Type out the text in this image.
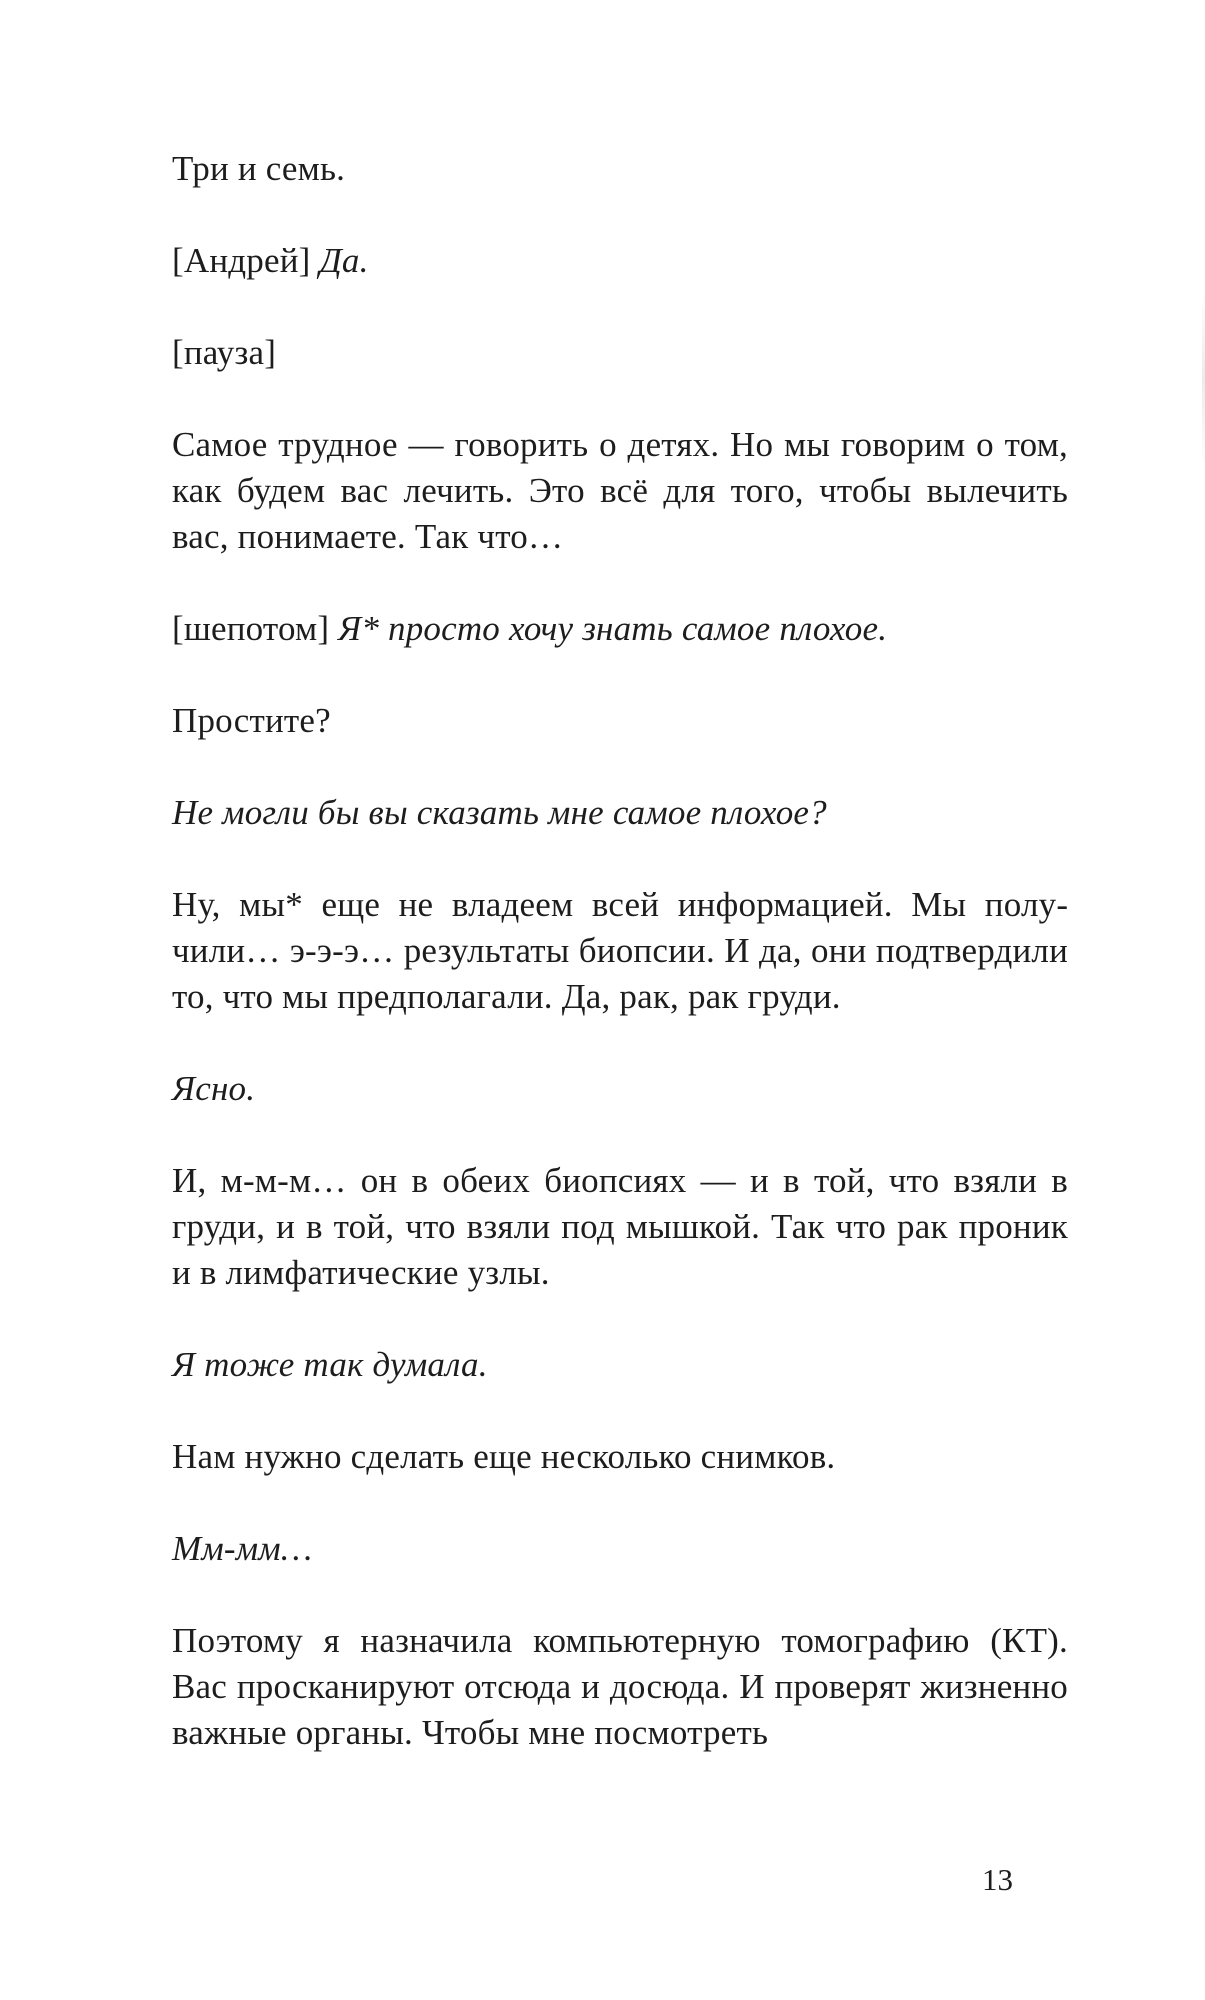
Три и семь.

[Андрей] Да.

[пауза]

Самое трудное — говорить о детях. Но мы говорим о том, как будем вас лечить. Это всё для того, чтобы вылечить вас, понимаете. Так что…

[шепотом] Я* просто хочу знать самое плохое.

Простите?

Не могли бы вы сказать мне самое плохое?

Ну, мы* еще не владеем всей информацией. Мы получили… э-э-э… результаты биопсии. И да, они подтвердили то, что мы предполагали. Да, рак, рак груди.

Ясно.

И, м-м-м… он в обеих биопсиях — и в той, что взяли в груди, и в той, что взяли под мышкой. Так что рак проник и в лимфатические узлы.

Я тоже так думала.

Нам нужно сделать еще несколько снимков.

Мм-мм…

Поэтому я назначила компьютерную томографию (КТ). Вас просканируют отсюда и досюда. И проверят жизненно важные органы. Чтобы мне посмотреть

13
